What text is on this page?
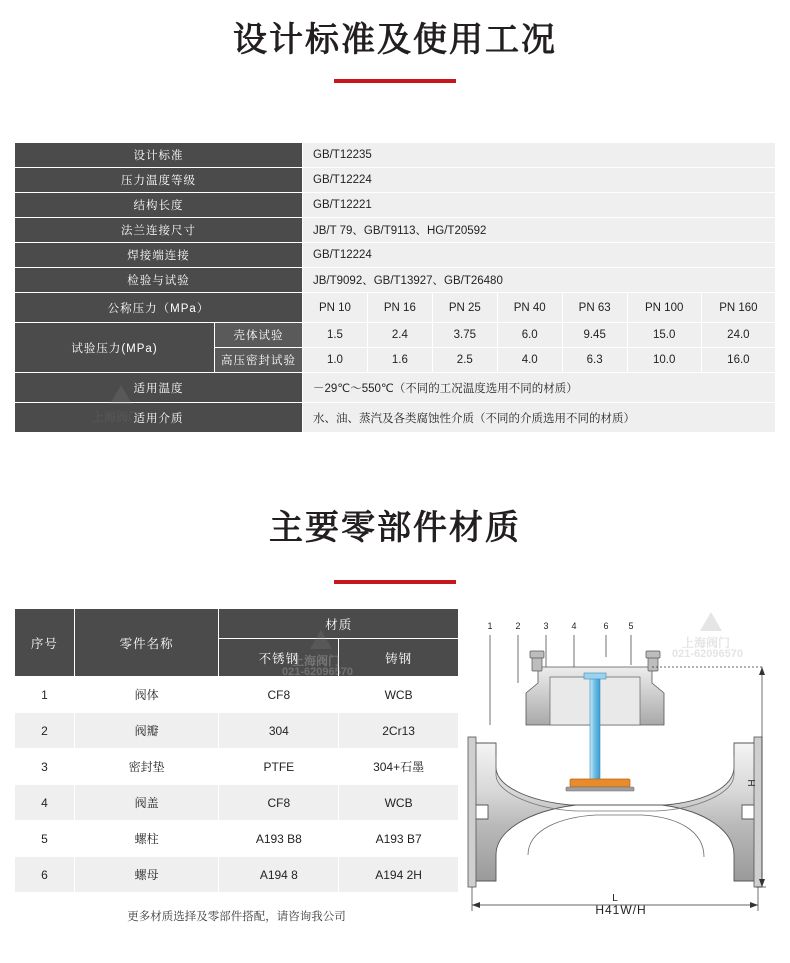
设计标准及使用工况
设计标准		GB/T12235						
压力温度等级		GB/T12224						
结构长度		GB/T12221						
法兰连接尺寸		JB/T 79、GB/T9113、HG/T20592						
焊接端连接		GB/T12224						
检验与试验		JB/T9092、GB/T13927、GB/T26480						
公称压力（MPa）		PN 10	PN 16	PN 25	PN 40	PN 63	PN 100	PN 160
试验压力(MPa)	壳体试验	1.5	2.4	3.75	6.0	9.45	15.0	24.0
	高压密封试验	1.0	1.6	2.5	4.0	6.3	10.0	16.0
适用温度		－29℃～550℃（不同的工况温度选用不同的材质）						
适用介质		水、油、蒸汽及各类腐蚀性介质（不同的介质选用不同的材质）						
上海阀门
主要零部件材质
序号	零件名称	材质	
		不锈钢	铸钢
1	阀体	CF8	WCB
2	阀瓣	304	2Cr13
3	密封垫	PTFE	304+石墨
4	阀盖	CF8	WCB
5	螺柱	A193 B8	A193 B7
6	螺母	A194 8	A194 2H
更多材质选择及零部件搭配，请咨询我公司
上海阀门
021-62096570
1	2	3	4	6 5
H
L
H41W/H
上海阀门
021-62096570
